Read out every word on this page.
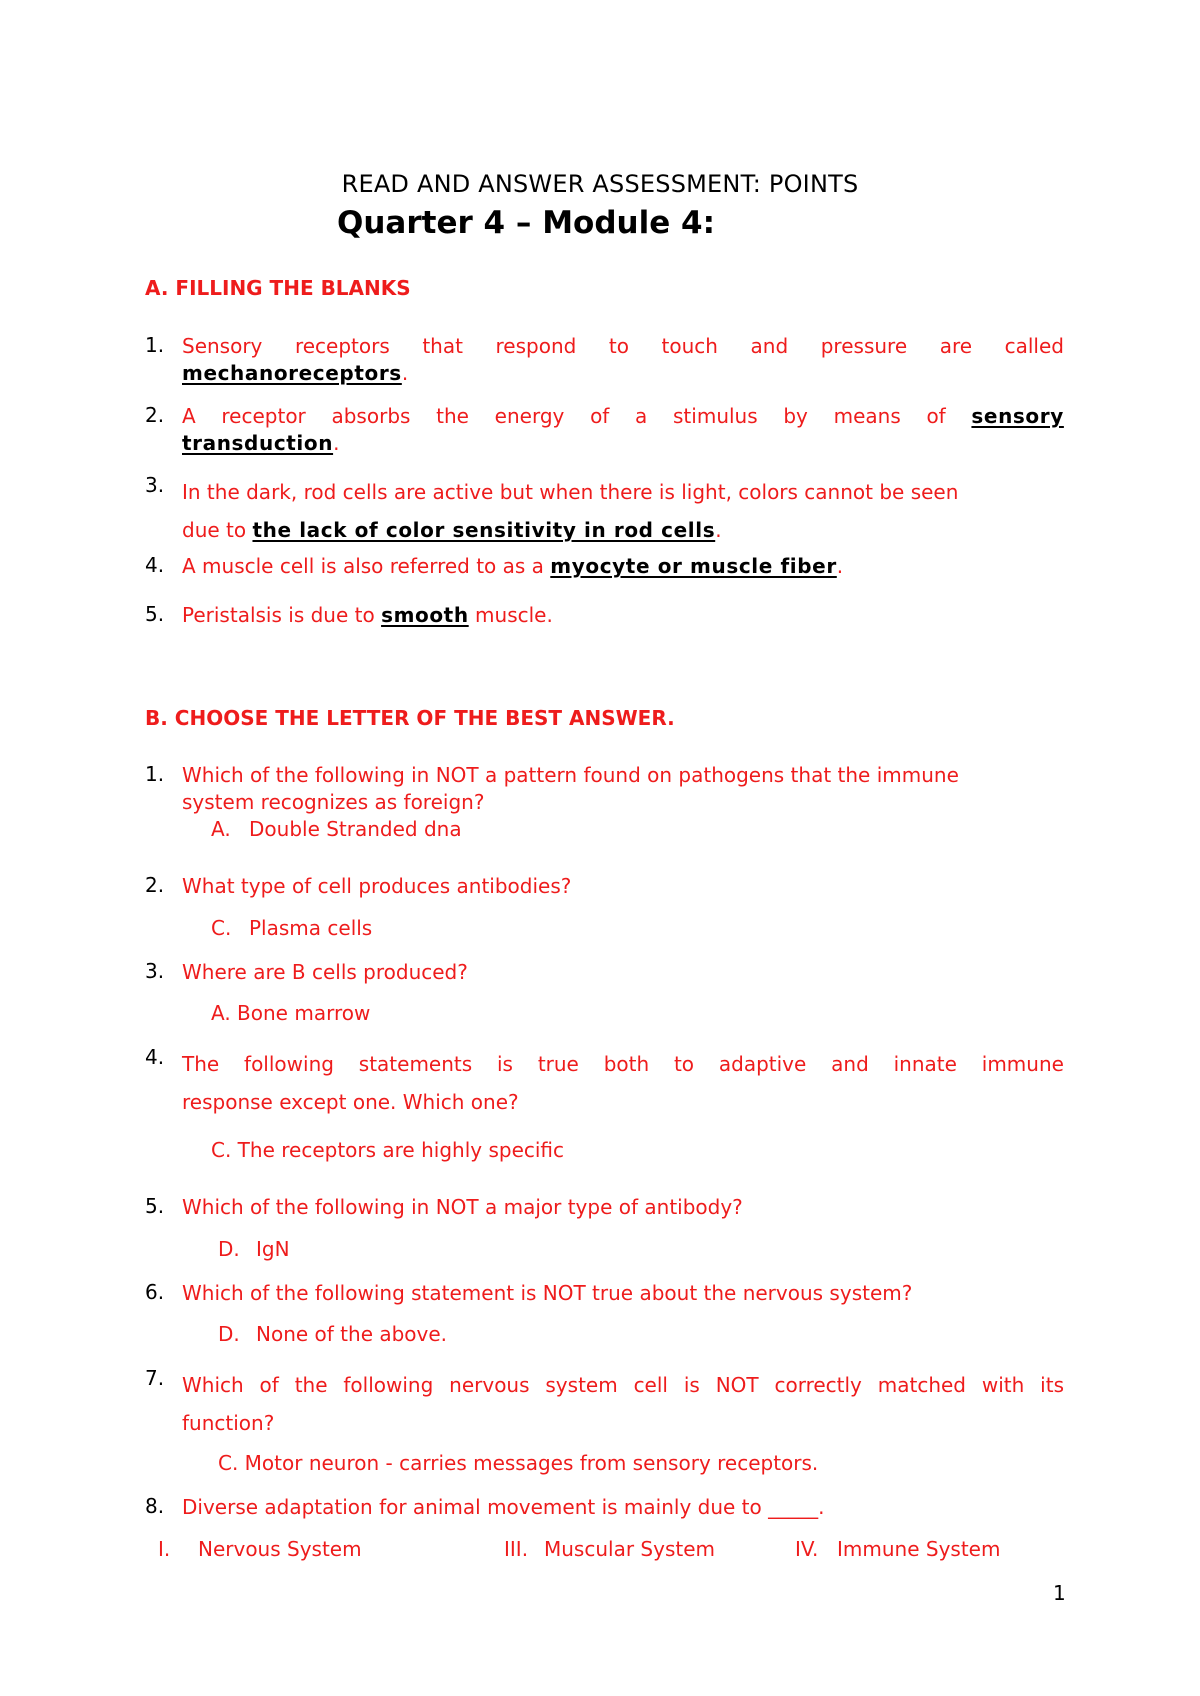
READ AND ANSWER ASSESSMENT: POINTS
Quarter 4 – Module 4:
A. FILLING THE BLANKS
1. Sensory receptors that respond to touch and pressure are called
mechanoreceptors.
2. A receptor absorbs the energy of a stimulus by means of sensory
transduction.
3. In the dark, rod cells are active but when there is light, colors cannot be seen
due to the lack of color sensitivity in rod cells.
4. A muscle cell is also referred to as a myocyte or muscle fiber.
5. Peristalsis is due to smooth muscle.
B. CHOOSE THE LETTER OF THE BEST ANSWER.
1. Which of the following in NOT a pattern found on pathogens that the immune
system recognizes as foreign?
A. Double Stranded dna
2. What type of cell produces antibodies?
C. Plasma cells
3. Where are B cells produced?
A. Bone marrow
4. The following statements is true both to adaptive and innate immune
response except one. Which one?
C. The receptors are highly specific
5. Which of the following in NOT a major type of antibody?
D. IgN
6. Which of the following statement is NOT true about the nervous system?
D. None of the above.
7. Which of the following nervous system cell is NOT correctly matched with its
function?
C. Motor neuron - carries messages from sensory receptors.
8. Diverse adaptation for animal movement is mainly due to _____.
I. Nervous System	III. Muscular System	IV. Immune System
1
